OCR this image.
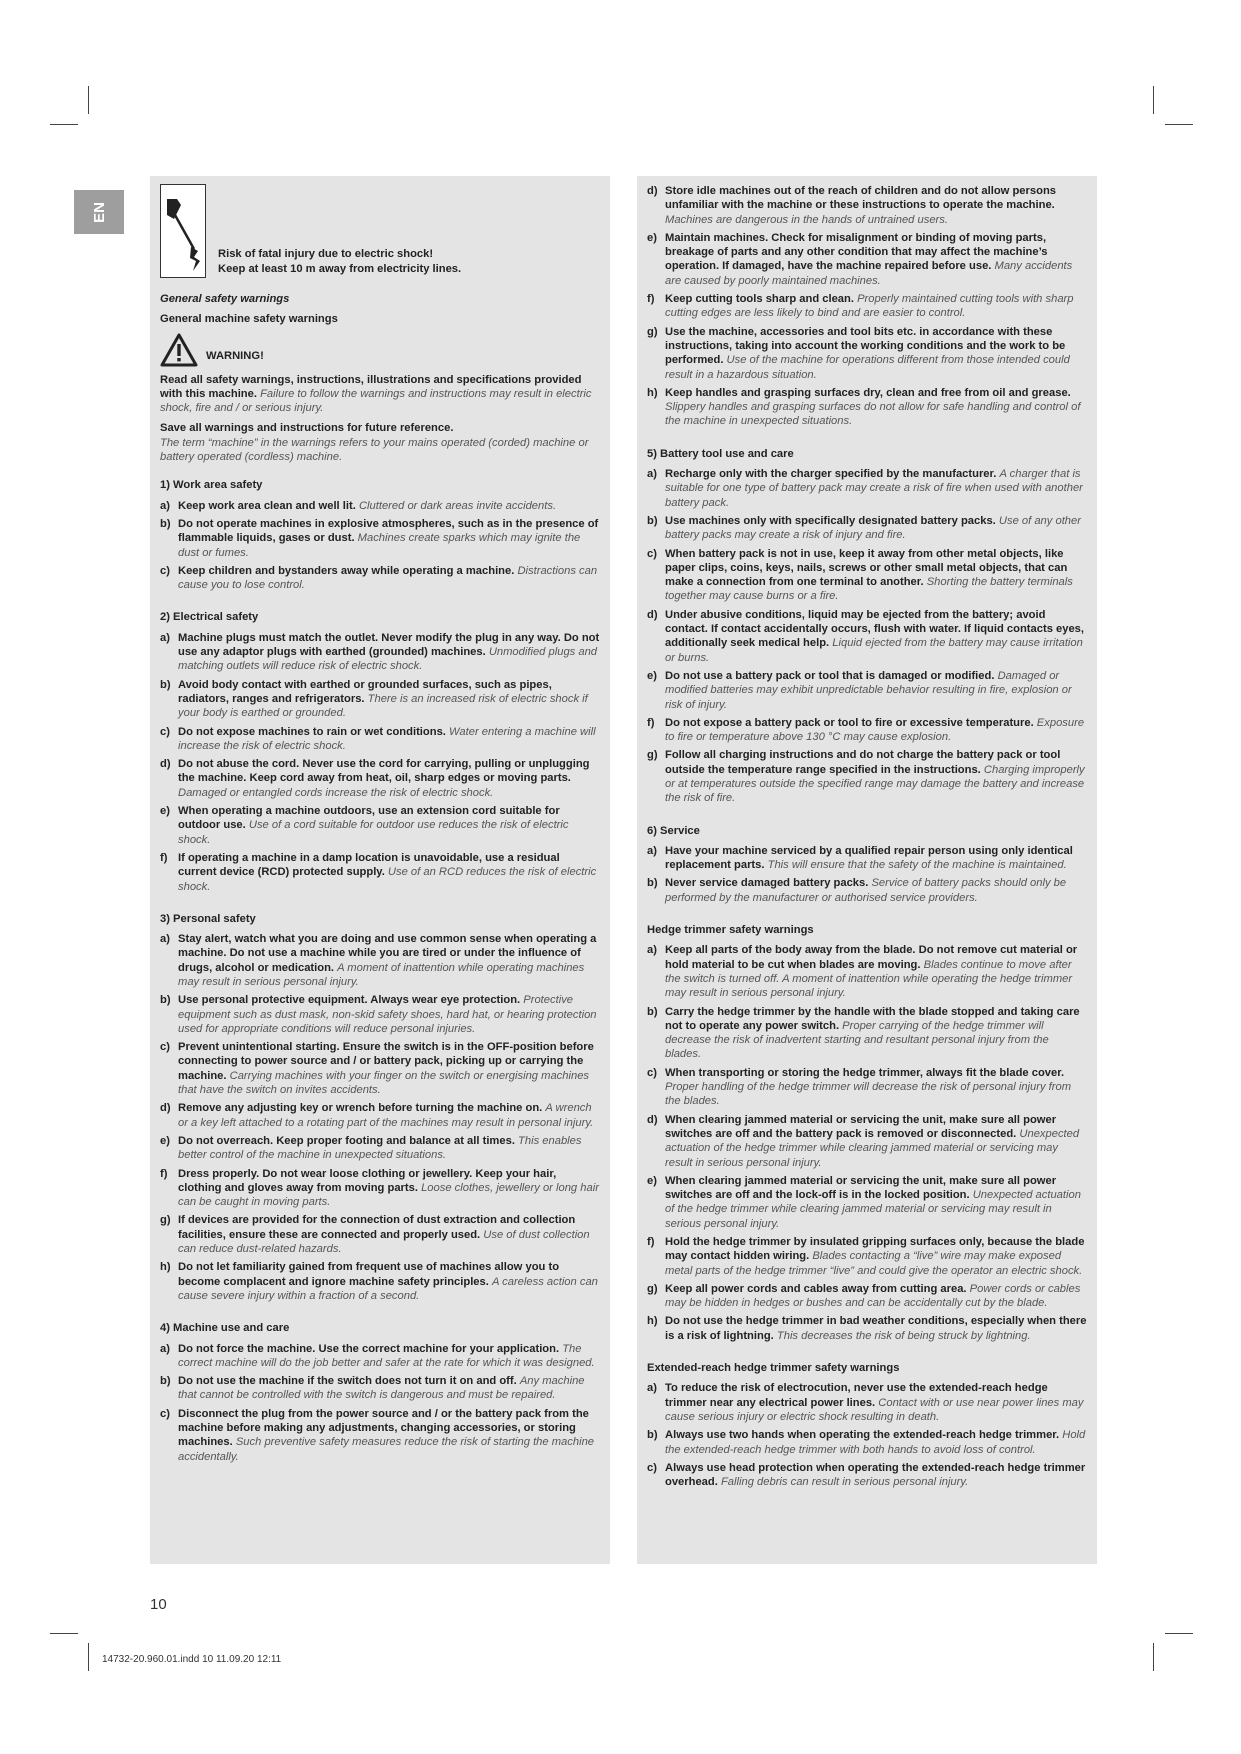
EN
Risk of fatal injury due to electric shock!
Keep at least 10 m away from electricity lines.

General safety warnings

General machine safety warnings

WARNING!

Read all safety warnings, instructions, illustrations and specifications provided with this machine. Failure to follow the warnings and instructions may result in electric shock, fire and / or serious injury.

Save all warnings and instructions for future reference.
The term “machine” in the warnings refers to your mains operated (corded) machine or battery operated (cordless) machine.

1) Work area safety

a) Keep work area clean and well lit. Cluttered or dark areas invite accidents.
b) Do not operate machines in explosive atmospheres, such as in the presence of flammable liquids, gases or dust. Machines create sparks which may ignite the dust or fumes.
c) Keep children and bystanders away while operating a machine. Distractions can cause you to lose control.

2) Electrical safety

a) Machine plugs must match the outlet. Never modify the plug in any way. Do not use any adaptor plugs with earthed (grounded) machines. Unmodified plugs and matching outlets will reduce risk of electric shock.
b) Avoid body contact with earthed or grounded surfaces, such as pipes, radiators, ranges and refrigerators. There is an increased risk of electric shock if your body is earthed or grounded.
c) Do not expose machines to rain or wet conditions. Water entering a machine will increase the risk of electric shock.
d) Do not abuse the cord. Never use the cord for carrying, pulling or unplugging the machine. Keep cord away from heat, oil, sharp edges or moving parts. Damaged or entangled cords increase the risk of electric shock.
e) When operating a machine outdoors, use an extension cord suitable for outdoor use. Use of a cord suitable for outdoor use reduces the risk of electric shock.
f) If operating a machine in a damp location is unavoidable, use a residual current device (RCD) protected supply. Use of an RCD reduces the risk of electric shock.

3) Personal safety

a) Stay alert, watch what you are doing and use common sense when operating a machine. Do not use a machine while you are tired or under the influence of drugs, alcohol or medication. A moment of inattention while operating machines may result in serious personal injury.
b) Use personal protective equipment. Always wear eye protection. Protective equipment such as dust mask, non-skid safety shoes, hard hat, or hearing protection used for appropriate conditions will reduce personal injuries.
c) Prevent unintentional starting. Ensure the switch is in the OFF-position before connecting to power source and / or battery pack, picking up or carrying the machine. Carrying machines with your finger on the switch or energising machines that have the switch on invites accidents.
d) Remove any adjusting key or wrench before turning the machine on. A wrench or a key left attached to a rotating part of the machines may result in personal injury.
e) Do not overreach. Keep proper footing and balance at all times. This enables better control of the machine in unexpected situations.
f) Dress properly. Do not wear loose clothing or jewellery. Keep your hair, clothing and gloves away from moving parts. Loose clothes, jewellery or long hair can be caught in moving parts.
g) If devices are provided for the connection of dust extraction and collection facilities, ensure these are connected and properly used. Use of dust collection can reduce dust-related hazards.
h) Do not let familiarity gained from frequent use of machines allow you to become complacent and ignore machine safety principles. A careless action can cause severe injury within a fraction of a second.

4) Machine use and care

a) Do not force the machine. Use the correct machine for your application. The correct machine will do the job better and safer at the rate for which it was designed.
b) Do not use the machine if the switch does not turn it on and off. Any machine that cannot be controlled with the switch is dangerous and must be repaired.
c) Disconnect the plug from the power source and / or the battery pack from the machine before making any adjustments, changing accessories, or storing machines. Such preventive safety measures reduce the risk of starting the machine accidentally.
d) Store idle machines out of the reach of children and do not allow persons unfamiliar with the machine or these instructions to operate the machine. Machines are dangerous in the hands of untrained users.
e) Maintain machines. Check for misalignment or binding of moving parts, breakage of parts and any other condition that may affect the machine’s operation. If damaged, have the machine repaired before use. Many accidents are caused by poorly maintained machines.
f) Keep cutting tools sharp and clean. Properly maintained cutting tools with sharp cutting edges are less likely to bind and are easier to control.
g) Use the machine, accessories and tool bits etc. in accordance with these instructions, taking into account the working conditions and the work to be performed. Use of the machine for operations different from those intended could result in a hazardous situation.
h) Keep handles and grasping surfaces dry, clean and free from oil and grease. Slippery handles and grasping surfaces do not allow for safe handling and control of the machine in unexpected situations.

5) Battery tool use and care

a) Recharge only with the charger specified by the manufacturer. A charger that is suitable for one type of battery pack may create a risk of fire when used with another battery pack.
b) Use machines only with specifically designated battery packs. Use of any other battery packs may create a risk of injury and fire.
c) When battery pack is not in use, keep it away from other metal objects, like paper clips, coins, keys, nails, screws or other small metal objects, that can make a connection from one terminal to another. Shorting the battery terminals together may cause burns or a fire.
d) Under abusive conditions, liquid may be ejected from the battery; avoid contact. If contact accidentally occurs, flush with water. If liquid contacts eyes, additionally seek medical help. Liquid ejected from the battery may cause irritation or burns.
e) Do not use a battery pack or tool that is damaged or modified. Damaged or modified batteries may exhibit unpredictable behavior resulting in fire, explosion or risk of injury.
f) Do not expose a battery pack or tool to fire or excessive temperature. Exposure to fire or temperature above 130 °C may cause explosion.
g) Follow all charging instructions and do not charge the battery pack or tool outside the temperature range specified in the instructions. Charging improperly or at temperatures outside the specified range may damage the battery and increase the risk of fire.

6) Service

a) Have your machine serviced by a qualified repair person using only identical replacement parts. This will ensure that the safety of the machine is maintained.
b) Never service damaged battery packs. Service of battery packs should only be performed by the manufacturer or authorised service providers.

Hedge trimmer safety warnings

a) Keep all parts of the body away from the blade. Do not remove cut material or hold material to be cut when blades are moving. Blades continue to move after the switch is turned off. A moment of inattention while operating the hedge trimmer may result in serious personal injury.
b) Carry the hedge trimmer by the handle with the blade stopped and taking care not to operate any power switch. Proper carrying of the hedge trimmer will decrease the risk of inadvertent starting and resultant personal injury from the blades.
c) When transporting or storing the hedge trimmer, always fit the blade cover. Proper handling of the hedge trimmer will decrease the risk of personal injury from the blades.
d) When clearing jammed material or servicing the unit, make sure all power switches are off and the battery pack is removed or disconnected. Unexpected actuation of the hedge trimmer while clearing jammed material or servicing may result in serious personal injury.
e) When clearing jammed material or servicing the unit, make sure all power switches are off and the lock-off is in the locked position. Unexpected actuation of the hedge trimmer while clearing jammed material or servicing may result in serious personal injury.
f) Hold the hedge trimmer by insulated gripping surfaces only, because the blade may contact hidden wiring. Blades contacting a “live” wire may make exposed metal parts of the hedge trimmer “live” and could give the operator an electric shock.
g) Keep all power cords and cables away from cutting area. Power cords or cables may be hidden in hedges or bushes and can be accidentally cut by the blade.
h) Do not use the hedge trimmer in bad weather conditions, especially when there is a risk of lightning. This decreases the risk of being struck by lightning.

Extended-reach hedge trimmer safety warnings

a) To reduce the risk of electrocution, never use the extended-reach hedge trimmer near any electrical power lines. Contact with or use near power lines may cause serious injury or electric shock resulting in death.
b) Always use two hands when operating the extended-reach hedge trimmer. Hold the extended-reach hedge trimmer with both hands to avoid loss of control.
c) Always use head protection when operating the extended-reach hedge trimmer overhead. Falling debris can result in serious personal injury.
10
14732-20.960.01.indd 10 11.09.20 12:11
